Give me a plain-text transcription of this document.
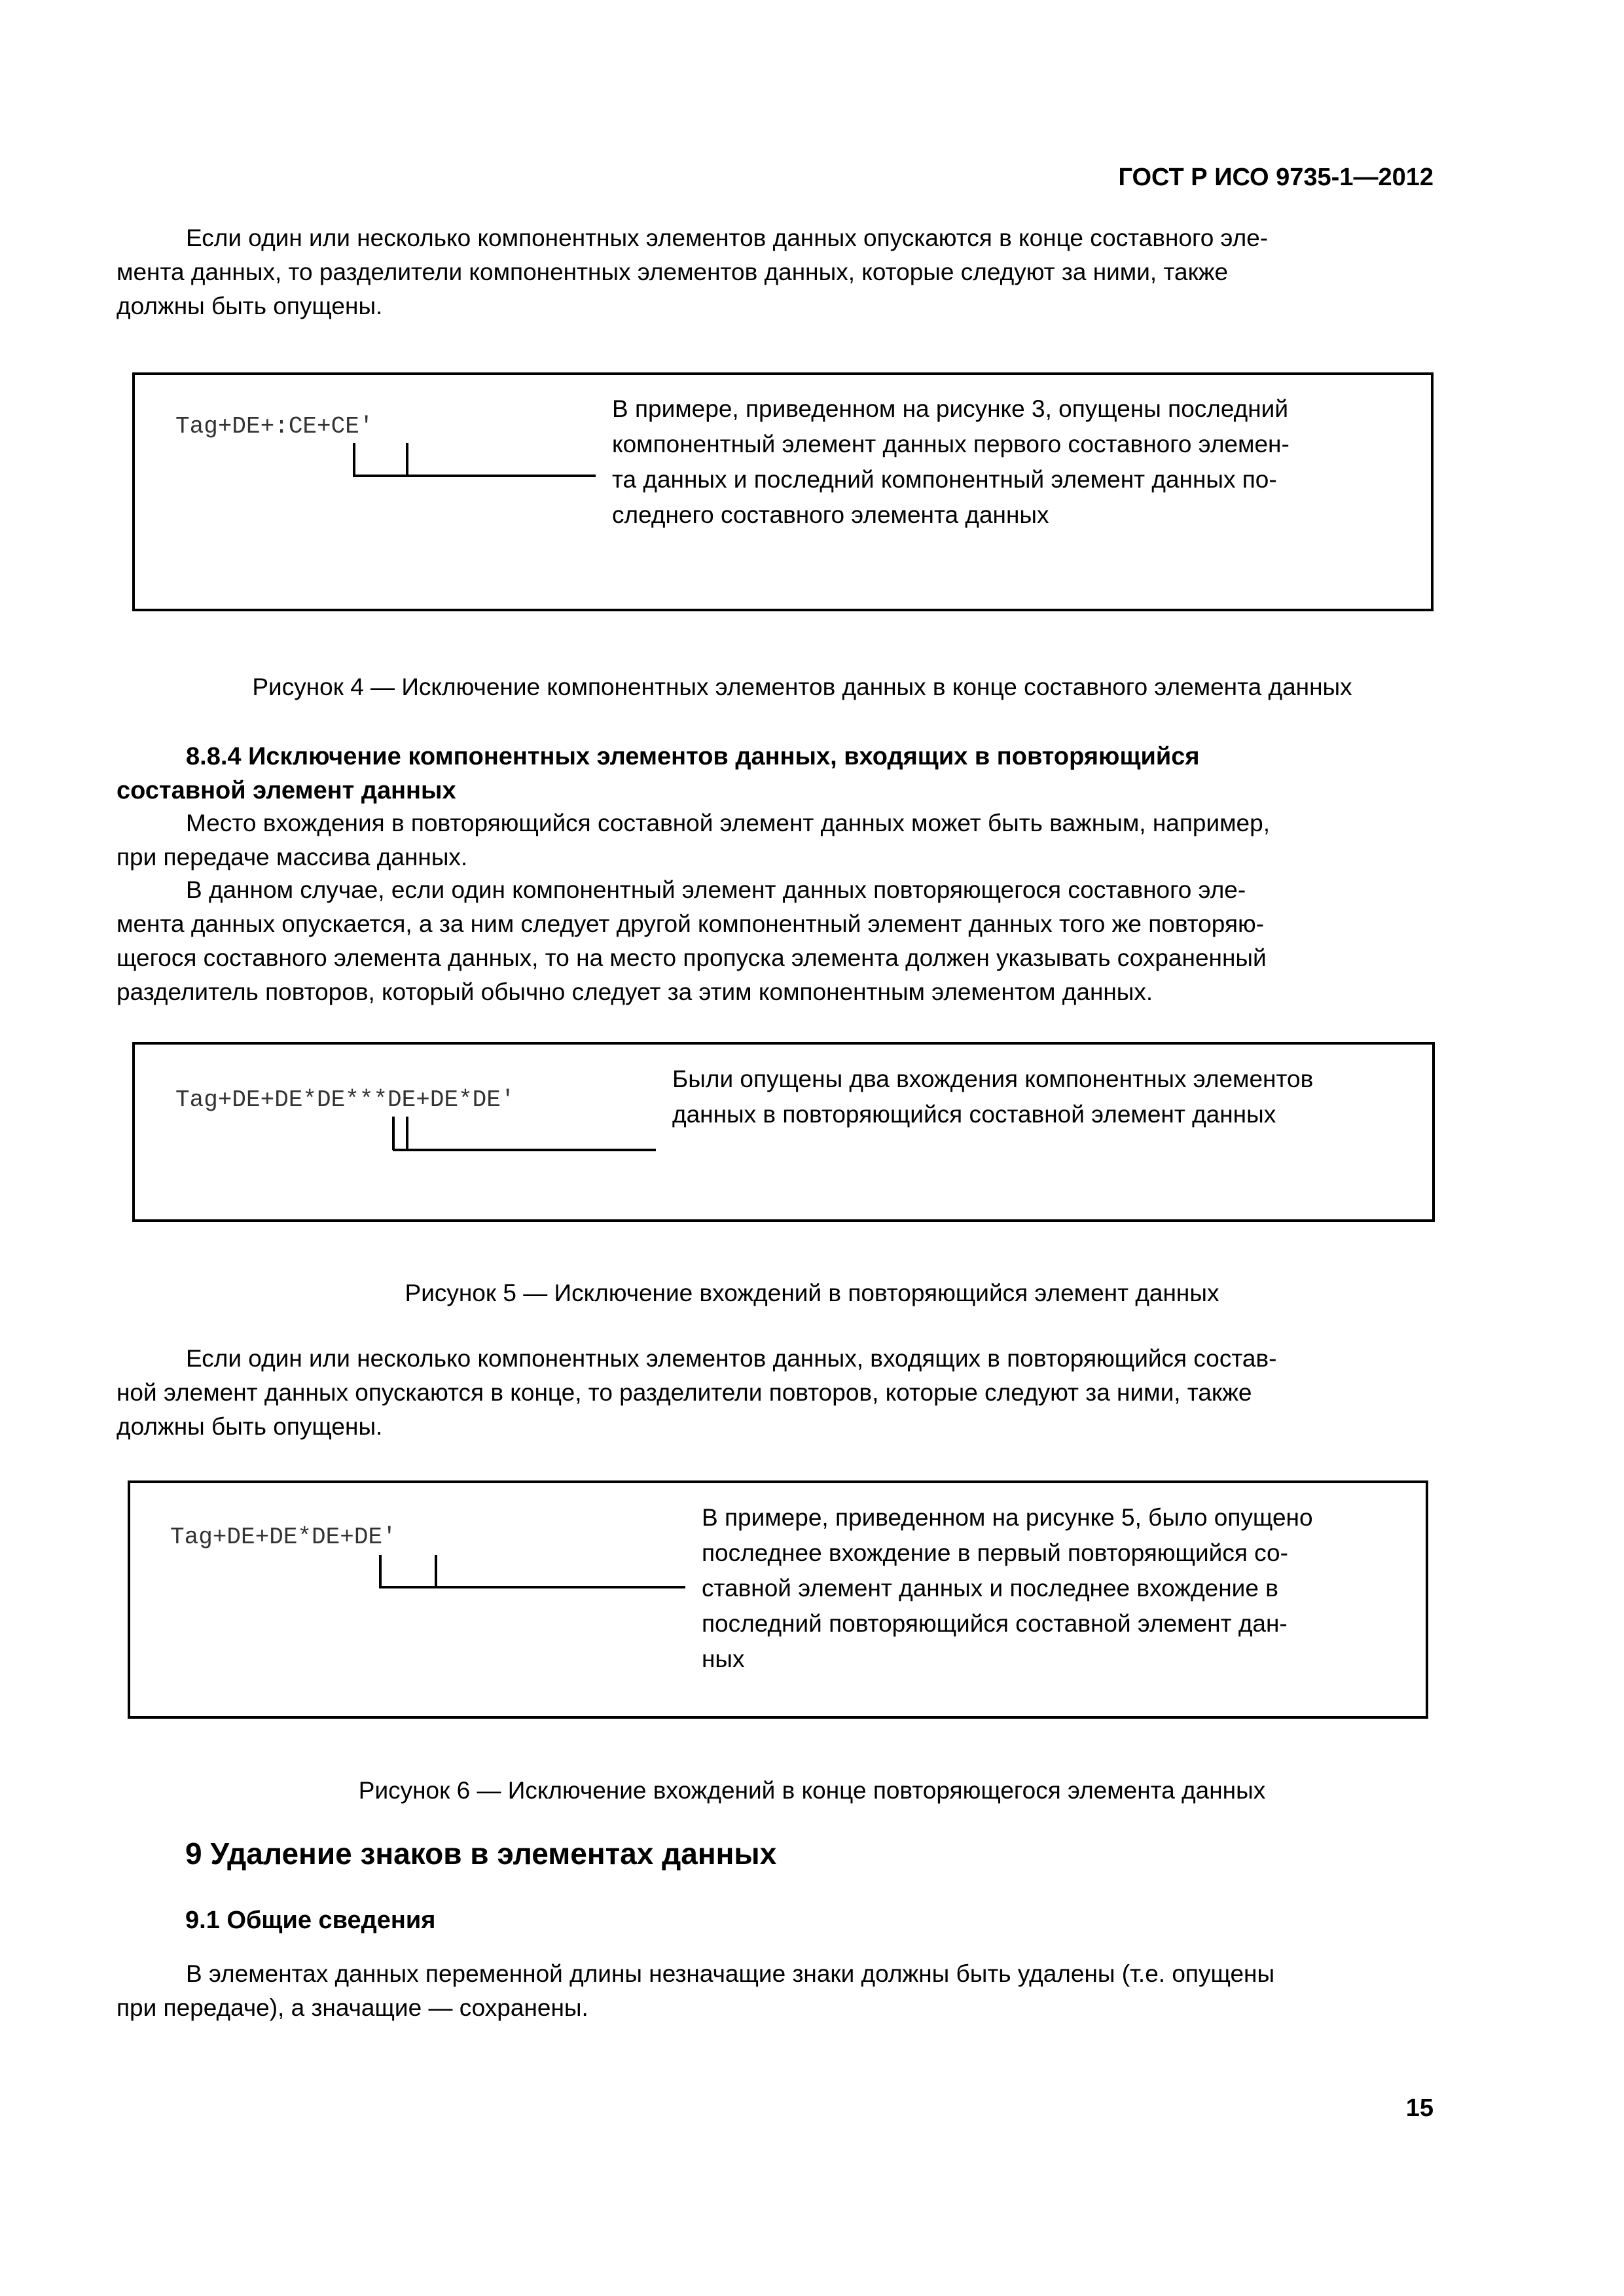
ГОСТ Р ИСО 9735-1—2012

Если один или несколько компонентных элементов данных опускаются в конце составного эле-

мента данных, то разделители компонентных элементов данных, которые следуют за ними, также

должны быть опущены.

Tag+DE+:CE+CE'

В примере, приведенном на рисунке 3, опущены последний

компонентный элемент данных первого составного элемен-

та данных и последний компонентный элемент данных по-

следнего составного элемента данных

Рисунок 4 — Исключение компонентных элементов данных в конце составного элемента данных

8.8.4 Исключение компонентных элементов данных, входящих в повторяющийся

составной элемент данных

Место вхождения в повторяющийся составной элемент данных может быть важным, например,

при передаче массива данных.

В данном случае, если один компонентный элемент данных повторяющегося составного эле-

мента данных опускается, а за ним следует другой компонентный элемент данных того же повторяю-

щегося составного элемента данных, то на место пропуска элемента должен указывать сохраненный

разделитель повторов, который обычно следует за этим компонентным элементом данных.

Tag+DE+DE*DE***DE+DE*DE'

Были опущены два вхождения компонентных элементов

данных в повторяющийся составной элемент данных

Рисунок 5 — Исключение вхождений в повторяющийся элемент данных

Если один или несколько компонентных элементов данных, входящих в повторяющийся состав-

ной элемент данных опускаются в конце, то разделители повторов, которые следуют за ними, также

должны быть опущены.

Tag+DE+DE*DE+DE'

В примере, приведенном на рисунке 5, было опущено

последнее вхождение в первый повторяющийся со-

ставной элемент данных и последнее вхождение в

последний повторяющийся составной элемент дан-

ных

Рисунок 6 — Исключение вхождений в конце повторяющегося элемента данных
9 Удаление знаков в элементах данных
9.1 Общие сведения

В элементах данных переменной длины незначащие знаки должны быть удалены (т.е. опущены

при передаче), а значащие — сохранены.

15
